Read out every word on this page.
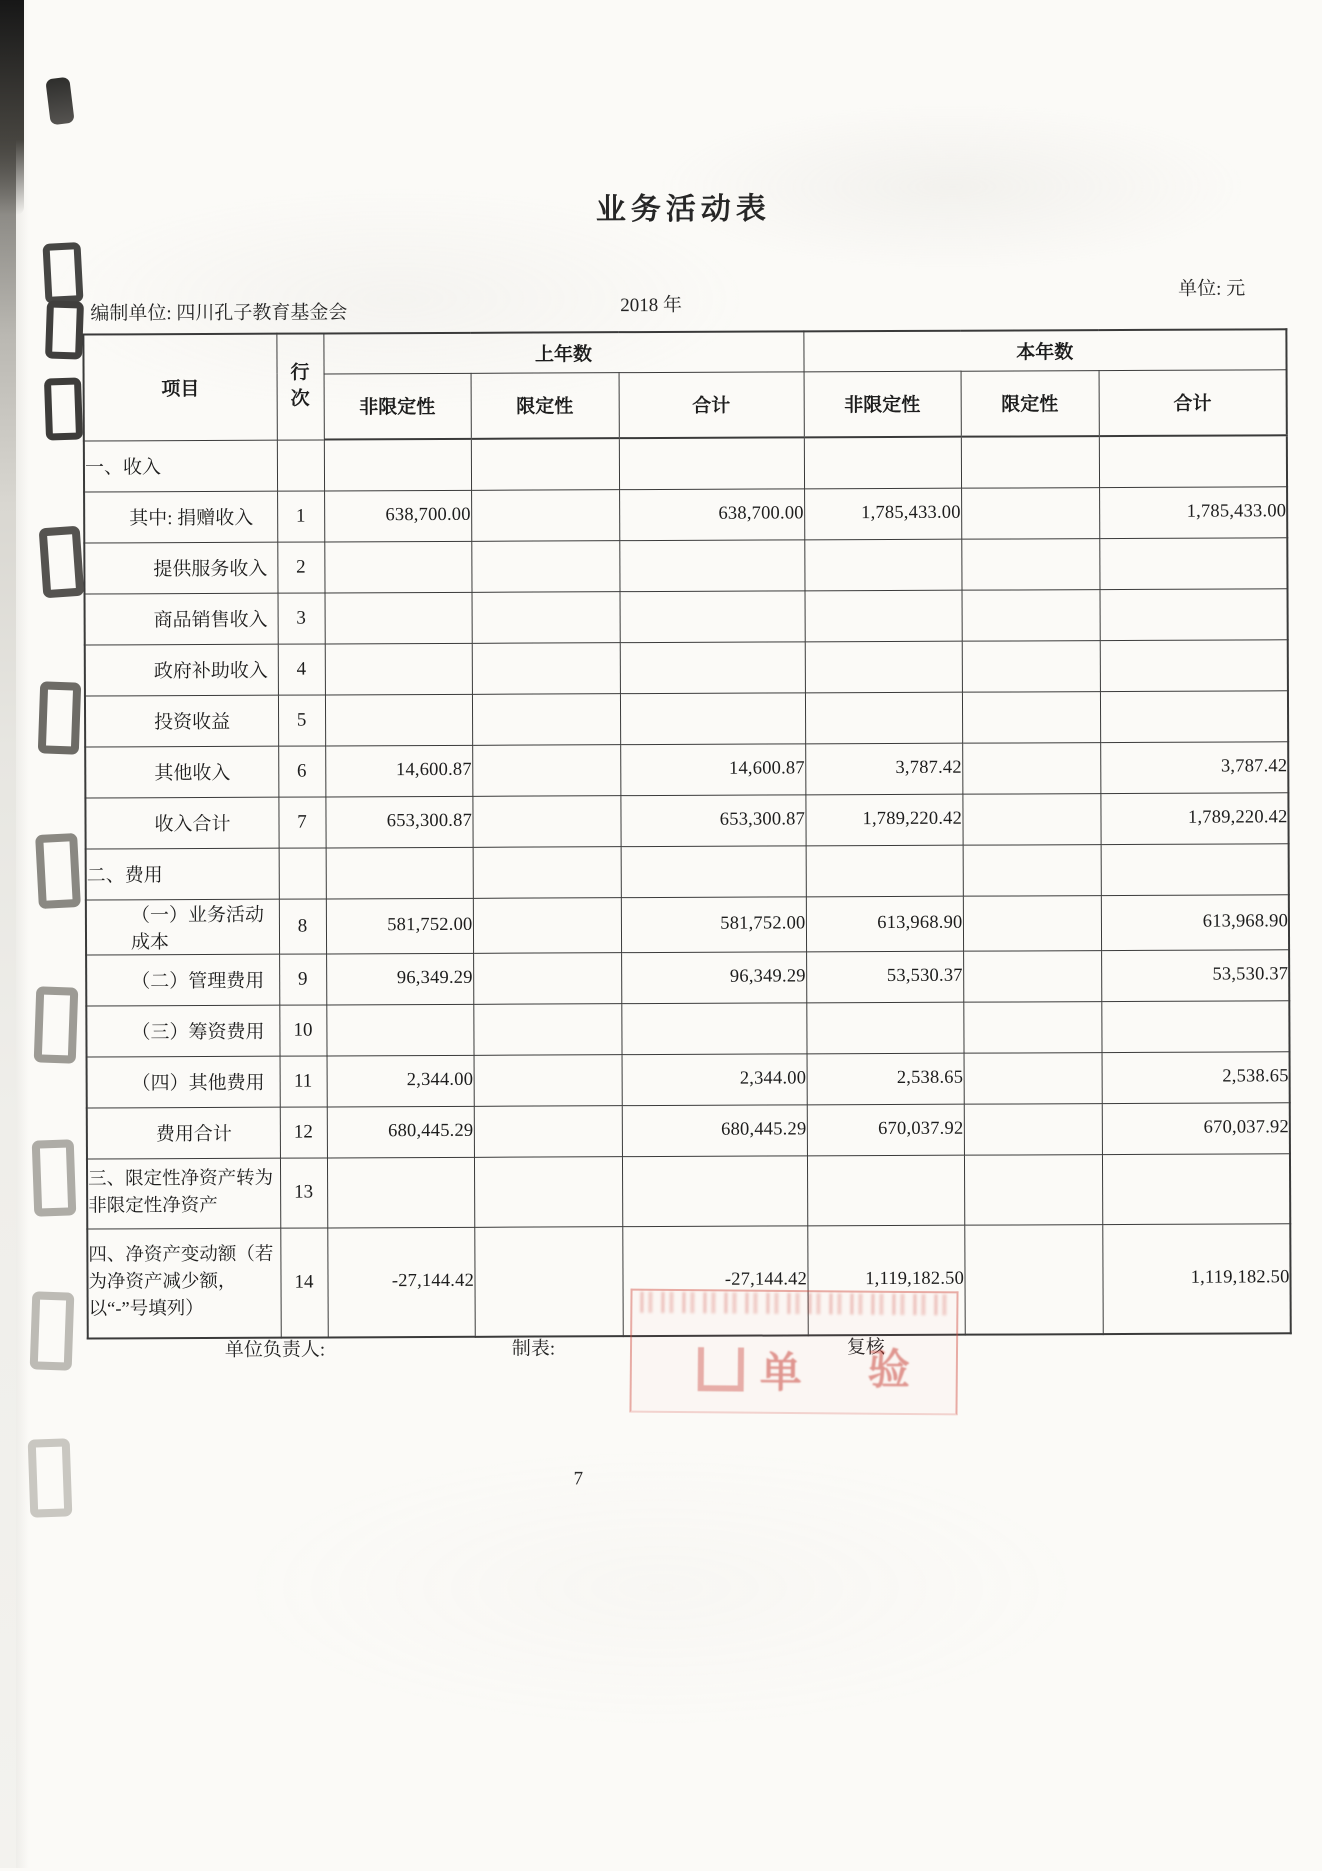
业务活动表
编制单位: 四川孔子教育基金会	2018 年
单位: 元
项目	行次	上年数			本年数		
		非限定性	限定性	合计	非限定性	限定性	合计
一、收入							
其中: 捐赠收入	1	638,700.00		638,700.00	1,785,433.00		1,785,433.00
提供服务收入	2						
商品销售收入	3						
政府补助收入	4						
投资收益	5						
其他收入	6	14,600.87		14,600.87	3,787.42		3,787.42
收入合计	7	653,300.87		653,300.87	1,789,220.42		1,789,220.42
二、费用							
（一）业务活动成本	8	581,752.00		581,752.00	613,968.90		613,968.90
（二）管理费用	9	96,349.29		96,349.29	53,530.37		53,530.37
（三）筹资费用	10						
（四）其他费用	11	2,344.00		2,344.00	2,538.65		2,538.65
费用合计	12	680,445.29		680,445.29	670,037.92		670,037.92
三、限定性净资产转为非限定性净资产	13						
四、净资产变动额（若为净资产减少额，以“-”号填列）	14	-27,144.42		-27,144.42	1,119,182.50		1,119,182.50
单位负责人:	制表:	复核
7
单 验
